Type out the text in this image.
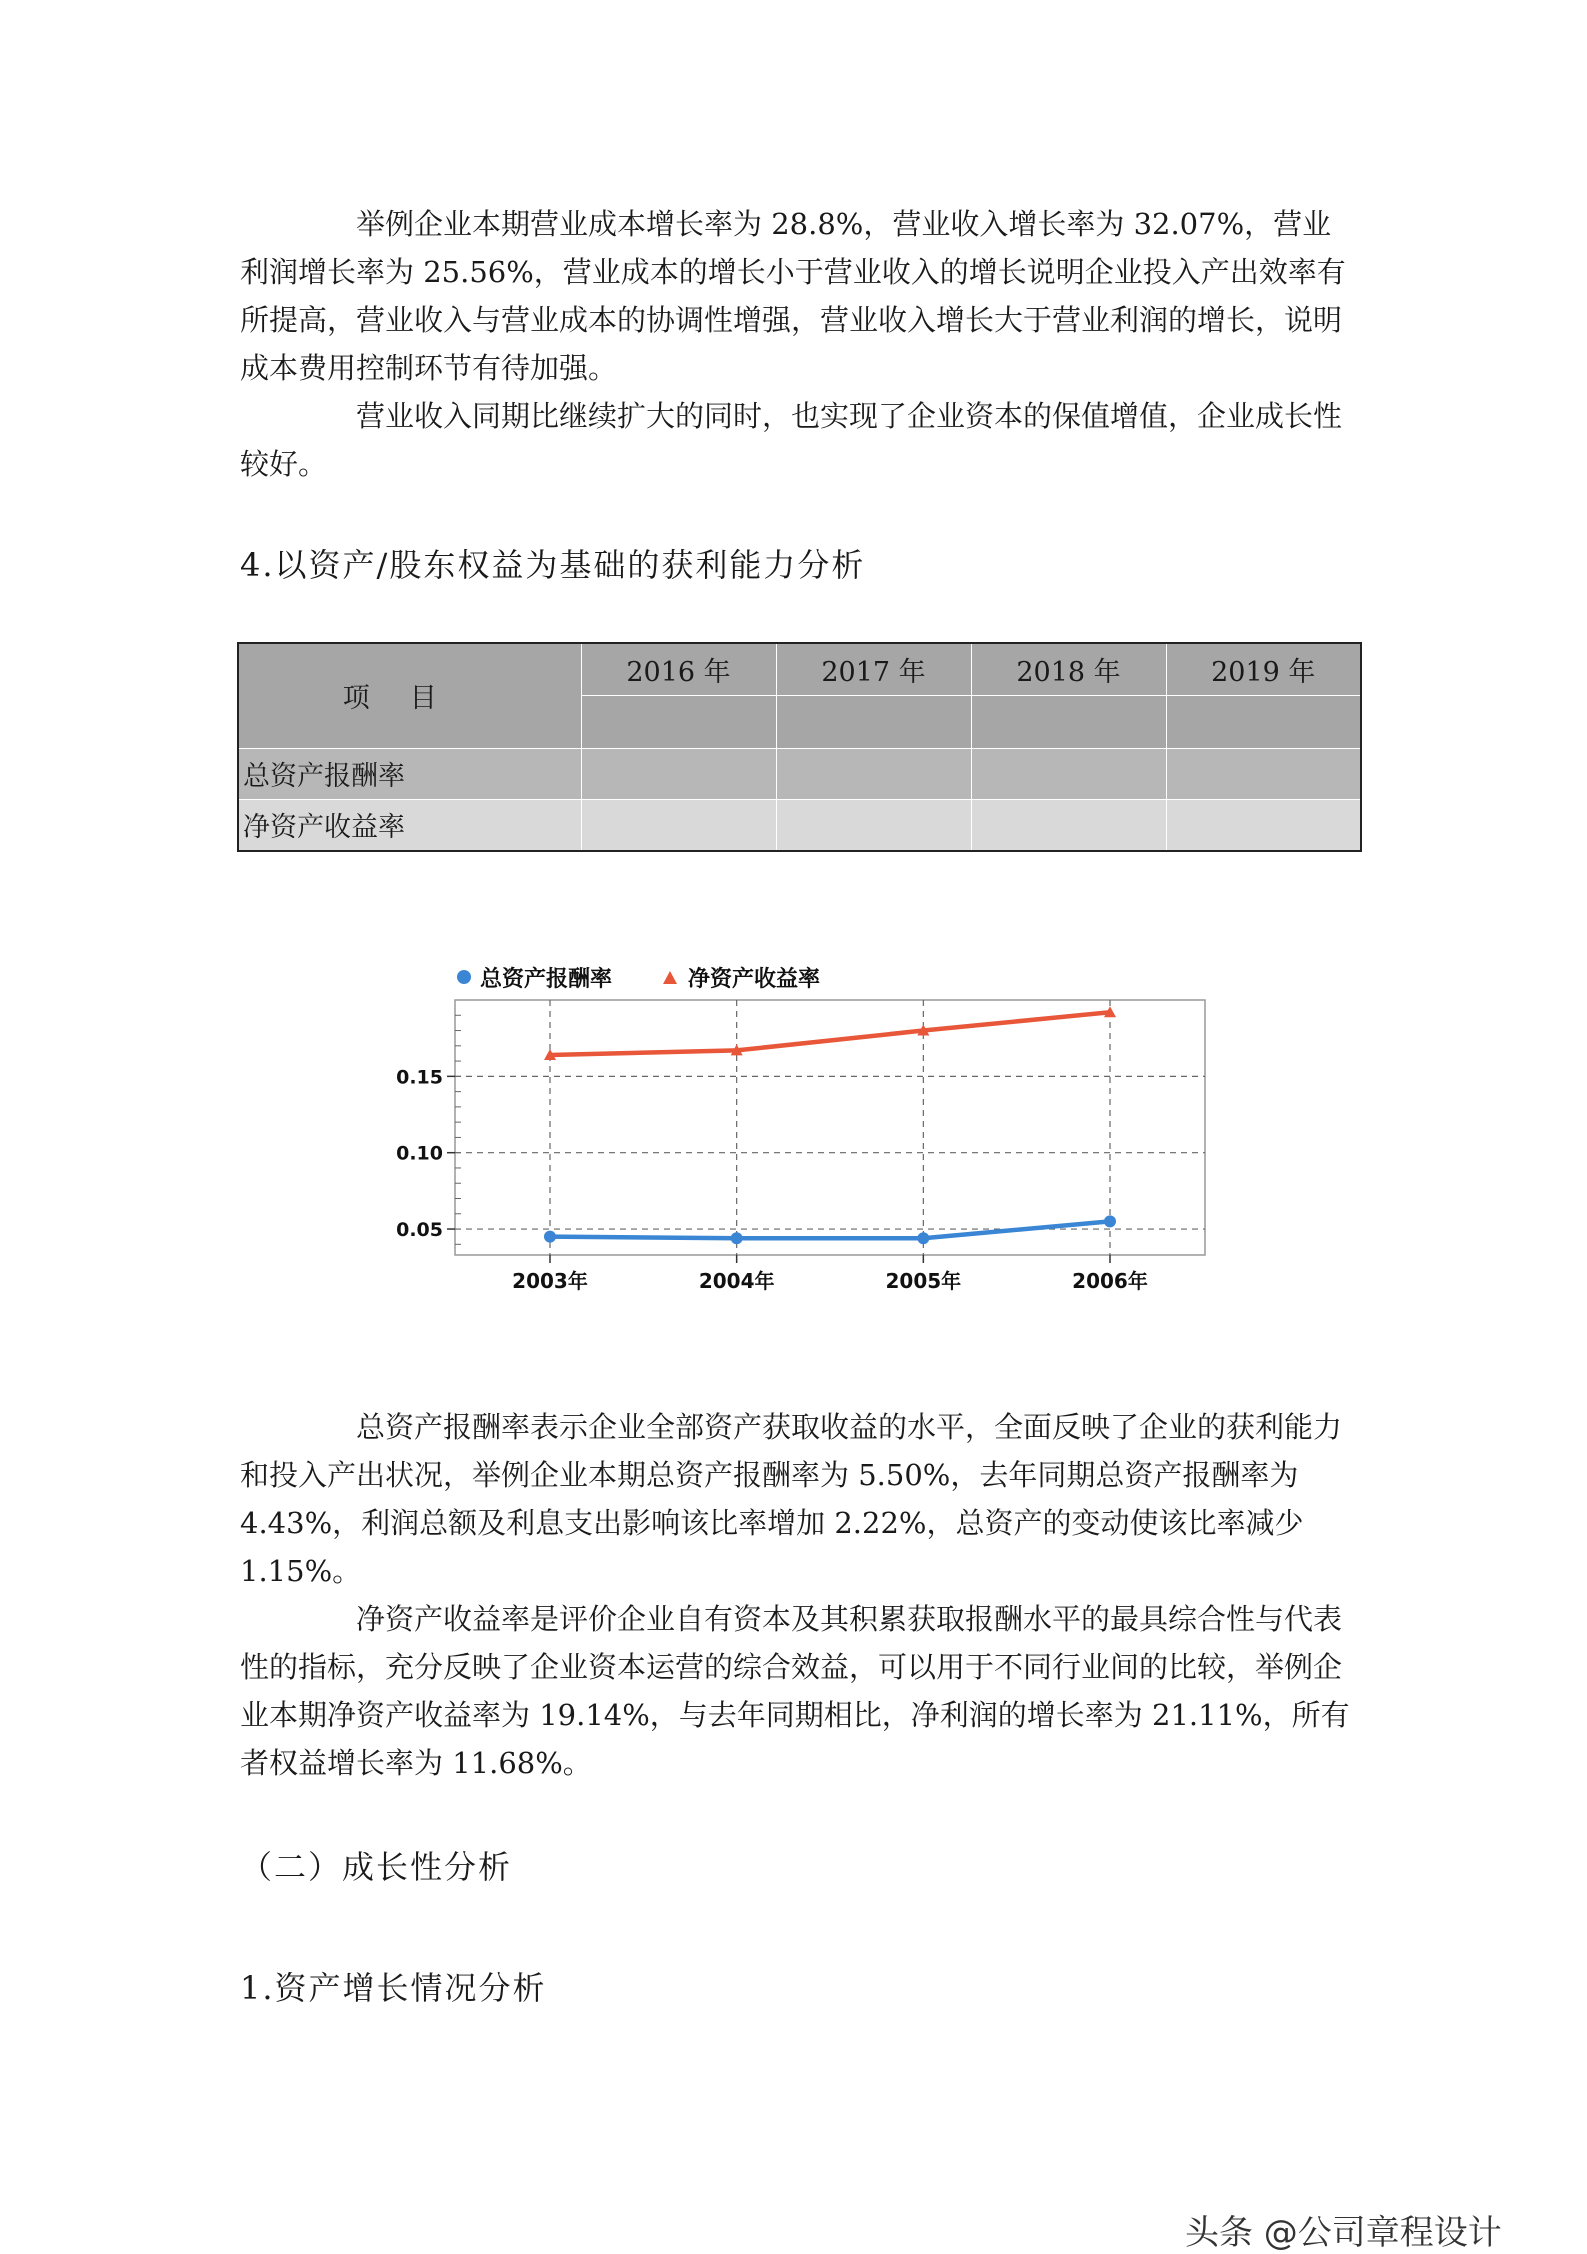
举例企业本期营业成本增长率为 28.8%，营业收入增长率为 32.07%，营业利润增长率为 25.56%，营业成本的增长小于营业收入的增长说明企业投入产出效率有所提高，营业收入与营业成本的协调性增强，营业收入增长大于营业利润的增长，说明成本费用控制环节有待加强。

营业收入同期比继续扩大的同时，也实现了企业资本的保值增值，企业成长性较好。

4.以资产/股东权益为基础的获利能力分析
项目	2016 年	2017 年	2018 年	2019 年

总资产报酬率				
净资产收益率				
总资产报酬率	净资产收益率
0.05
0.10
0.15
2003年	2004年	2005年	2006年

总资产报酬率表示企业全部资产获取收益的水平，全面反映了企业的获利能力和投入产出状况，举例企业本期总资产报酬率为 5.50%，去年同期总资产报酬率为 4.43%，利润总额及利息支出影响该比率增加 2.22%，总资产的变动使该比率减少 1.15%。

净资产收益率是评价企业自有资本及其积累获取报酬水平的最具综合性与代表性的指标，充分反映了企业资本运营的综合效益，可以用于不同行业间的比较，举例企业本期净资产收益率为 19.14%，与去年同期相比，净利润的增长率为 21.11%，所有者权益增长率为 11.68%。

（二）成长性分析
1.资产增长情况分析
头条 @公司章程设计
